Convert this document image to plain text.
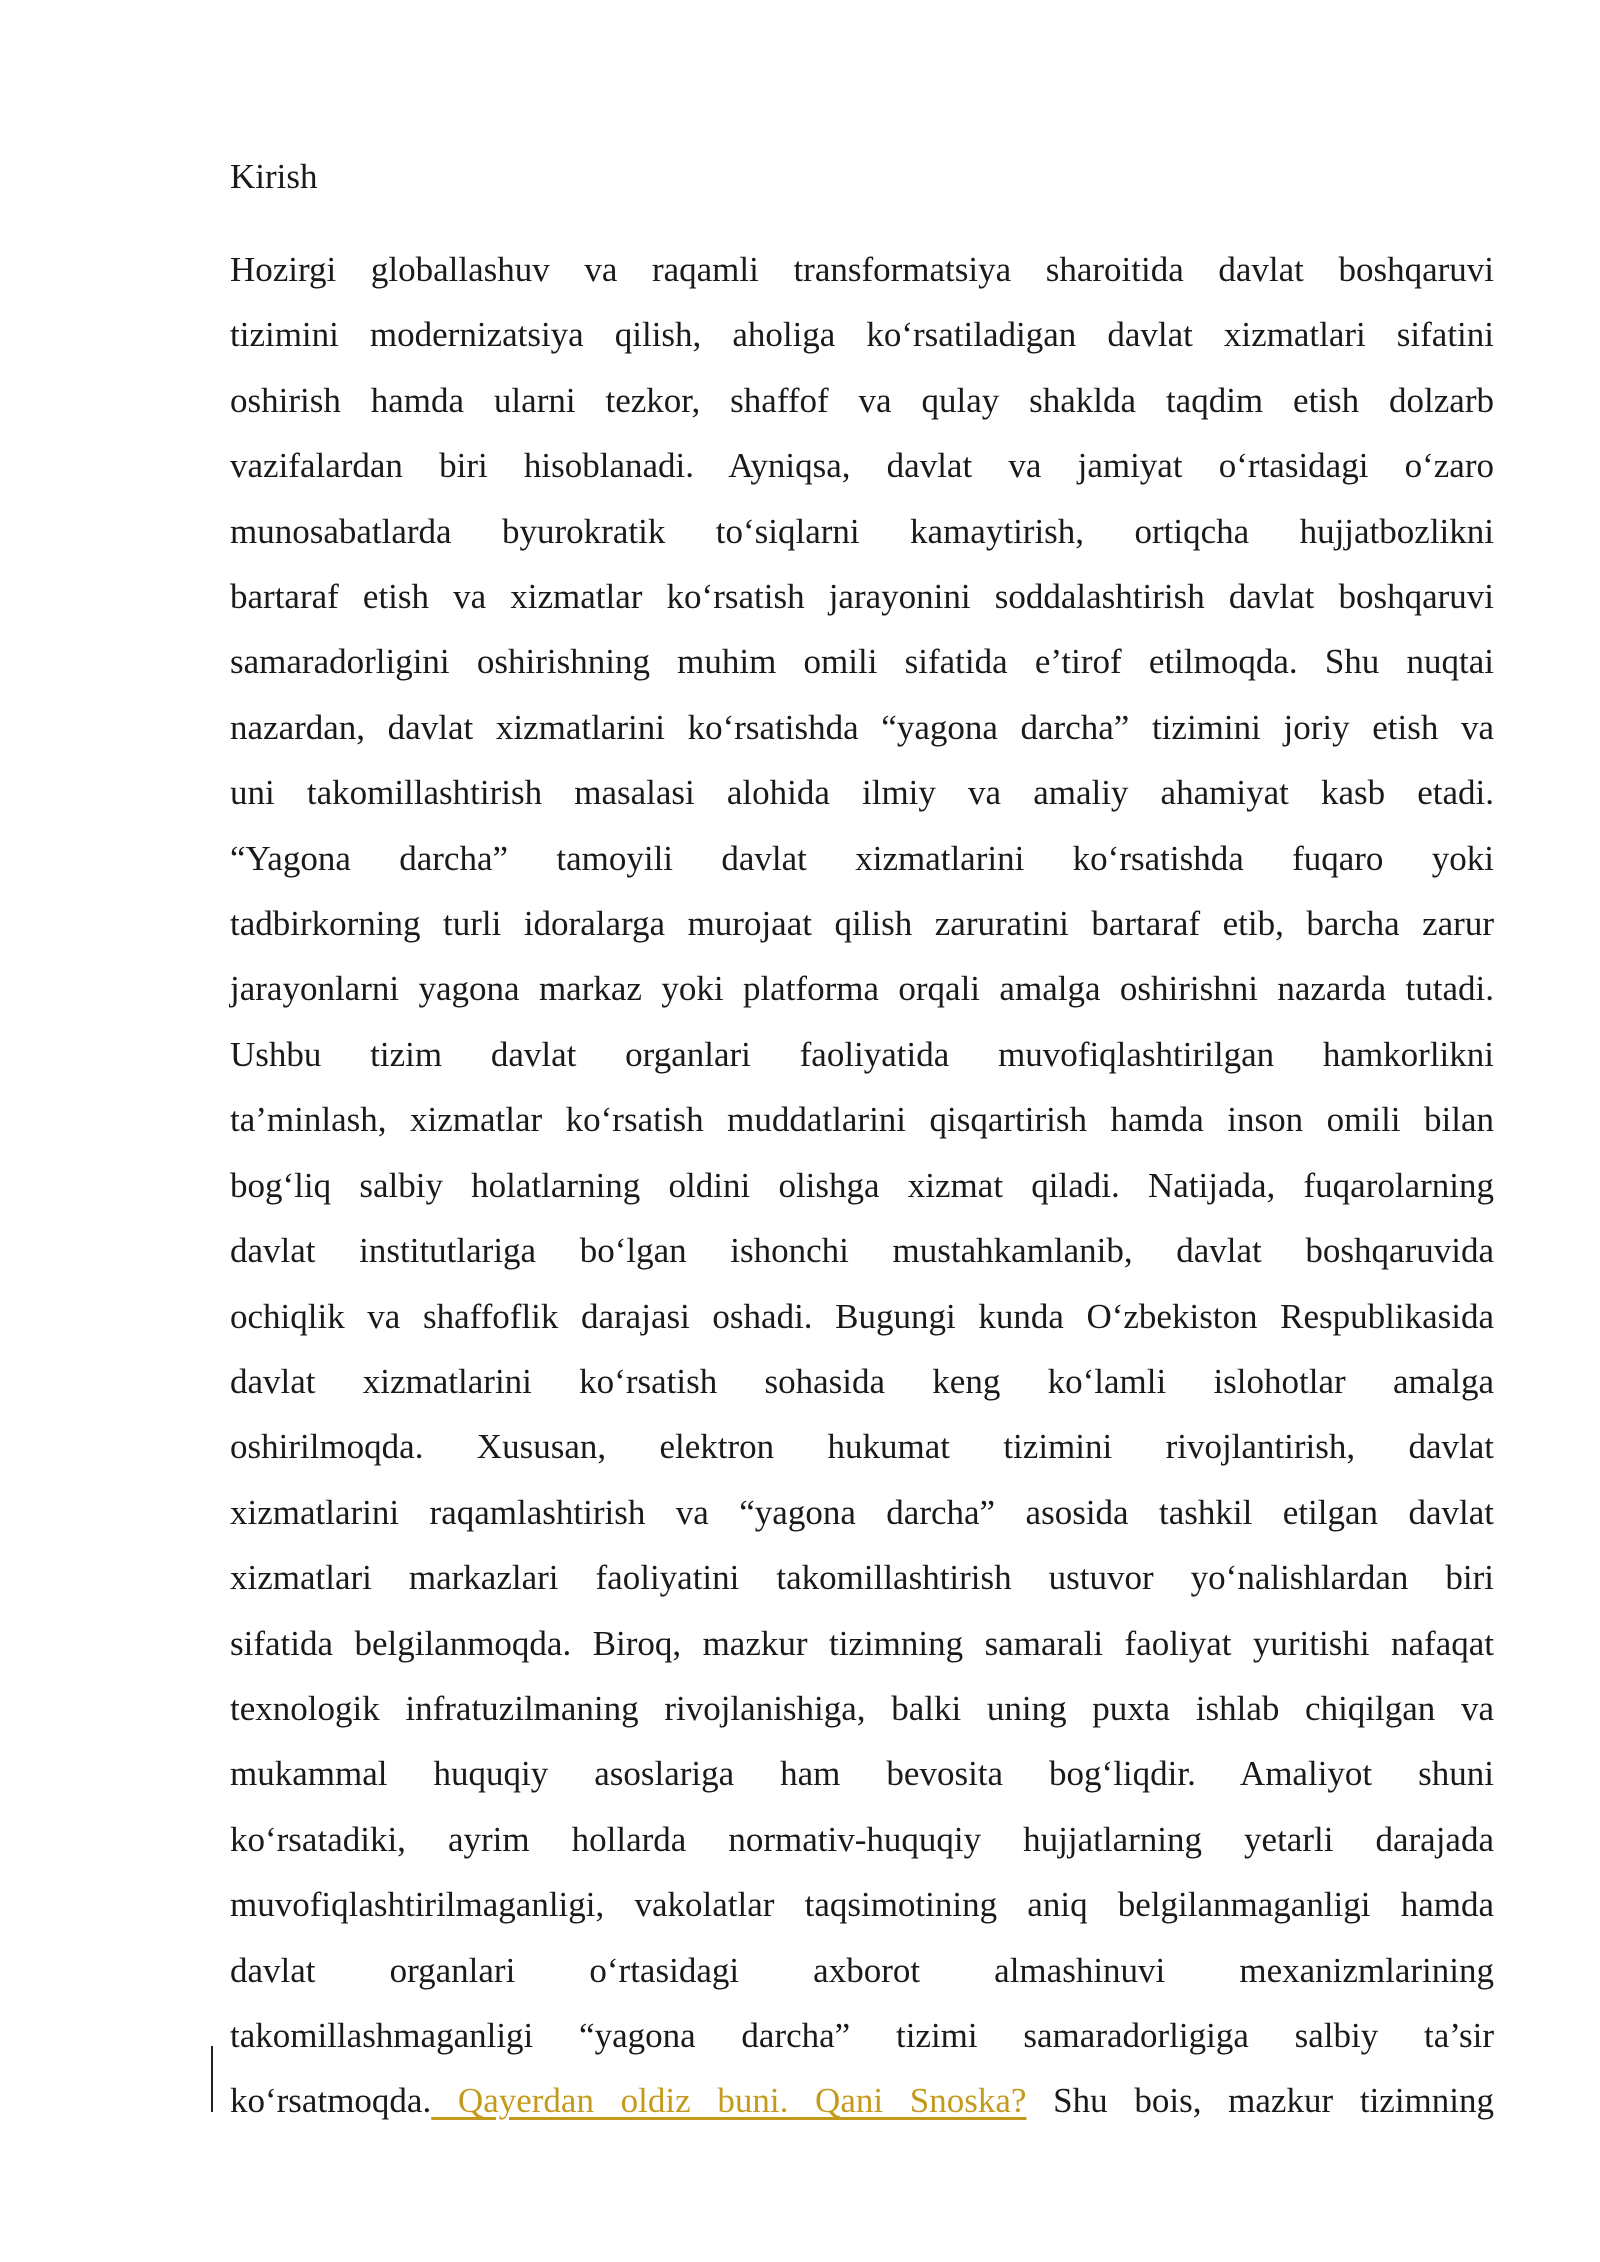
Kirish
Hozirgi globallashuv va raqamli transformatsiya sharoitida davlat boshqaruvi
tizimini modernizatsiya qilish, aholiga koʻrsatiladigan davlat xizmatlari sifatini
oshirish hamda ularni tezkor, shaffof va qulay shaklda taqdim etish dolzarb
vazifalardan biri hisoblanadi. Ayniqsa, davlat va jamiyat oʻrtasidagi oʻzaro
munosabatlarda byurokratik toʻsiqlarni kamaytirish, ortiqcha hujjatbozlikni
bartaraf etish va xizmatlar koʻrsatish jarayonini soddalashtirish davlat boshqaruvi
samaradorligini oshirishning muhim omili sifatida e’tirof etilmoqda. Shu nuqtai
nazardan, davlat xizmatlarini koʻrsatishda “yagona darcha” tizimini joriy etish va
uni takomillashtirish masalasi alohida ilmiy va amaliy ahamiyat kasb etadi.
“Yagona darcha” tamoyili davlat xizmatlarini koʻrsatishda fuqaro yoki
tadbirkorning turli idoralarga murojaat qilish zaruratini bartaraf etib, barcha zarur
jarayonlarni yagona markaz yoki platforma orqali amalga oshirishni nazarda tutadi.
Ushbu tizim davlat organlari faoliyatida muvofiqlashtirilgan hamkorlikni
ta’minlash, xizmatlar koʻrsatish muddatlarini qisqartirish hamda inson omili bilan
bogʻliq salbiy holatlarning oldini olishga xizmat qiladi. Natijada, fuqarolarning
davlat institutlariga boʻlgan ishonchi mustahkamlanib, davlat boshqaruvida
ochiqlik va shaffoflik darajasi oshadi. Bugungi kunda Oʻzbekiston Respublikasida
davlat xizmatlarini koʻrsatish sohasida keng koʻlamli islohotlar amalga
oshirilmoqda. Xususan, elektron hukumat tizimini rivojlantirish, davlat
xizmatlarini raqamlashtirish va “yagona darcha” asosida tashkil etilgan davlat
xizmatlari markazlari faoliyatini takomillashtirish ustuvor yoʻnalishlardan biri
sifatida belgilanmoqda. Biroq, mazkur tizimning samarali faoliyat yuritishi nafaqat
texnologik infratuzilmaning rivojlanishiga, balki uning puxta ishlab chiqilgan va
mukammal huquqiy asoslariga ham bevosita bogʻliqdir. Amaliyot shuni
koʻrsatadiki, ayrim hollarda normativ-huquqiy hujjatlarning yetarli darajada
muvofiqlashtirilmaganligi, vakolatlar taqsimotining aniq belgilanmaganligi hamda
davlat organlari oʻrtasidagi axborot almashinuvi mexanizmlarining
takomillashmaganligi “yagona darcha” tizimi samaradorligiga salbiy ta’sir
koʻrsatmoqda. Qayerdan oldiz buni. Qani Snoska? Shu bois, mazkur tizimning
